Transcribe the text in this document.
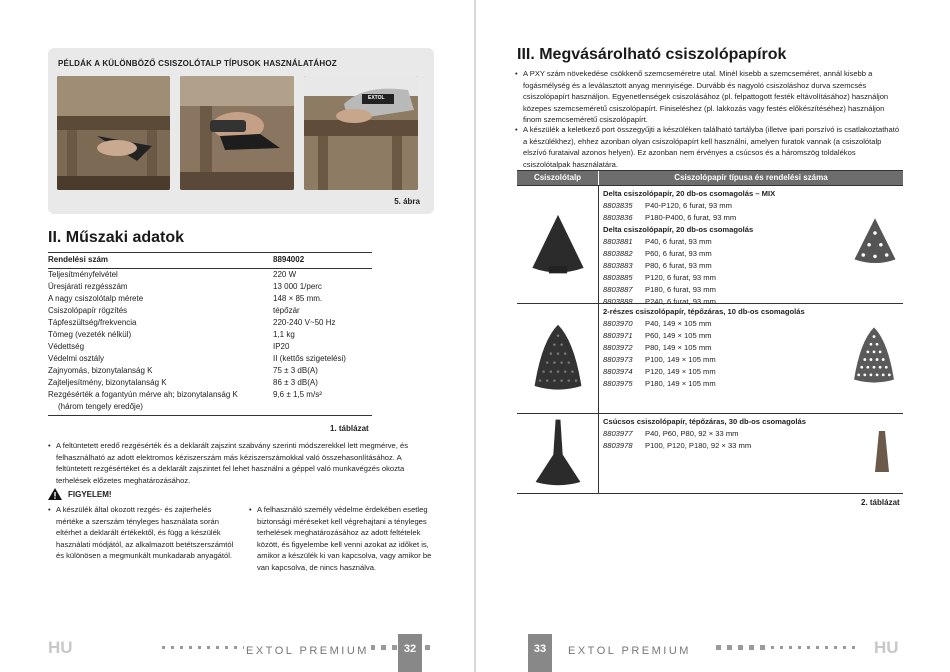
PÉLDÁK A KÜLÖNBÖZŐ CSISZOLÓTALP TÍPUSOK HASZNÁLATÁHOZ
EXTOL
5. ábra
II. Műszaki adatok
Rendelési szám	8894002
Teljesítményfelvétel	220 W
Üresjárati rezgésszám	13 000 1/perc
A nagy csiszolótalp mérete	148 × 85 mm.
Csiszolópapír rögzítés	tépőzár
Tápfeszültség/frekvencia	220-240 V~50 Hz
Tömeg (vezeték nélkül)	1,1 kg
Védettség	IP20
Védelmi osztály	II (kettős szigetelési)
Zajnyomás, bizonytalanság K	75 ± 3 dB(A)
Zajteljesítmény, bizonytalanság K	86 ± 3 dB(A)
Rezgésérték a fogantyún mérve ah; bizonytalanság K	9,6 ± 1,5 m/s²
(három tengely eredője)
1. táblázat
• A feltüntetett eredő rezgésérték és a deklarált zajszint szabvány szerinti módszerekkel lett megmérve, és felhasználható az adott elektromos kéziszerszám más kéziszerszámokkal való összehasonlításához. A feltüntetett rezgésértéket és a deklarált zajszintet fel lehet használni a géppel való munkavégzés okozta terhelések előzetes meghatározásához.
FIGYELEM!
• A készülék által okozott rezgés- és zajterhelés mértéke a szerszám tényleges használata során eltérhet a deklarált értékektől, és függ a készülék használati módjától, az alkalmazott betétszerszámtól és különösen a megmunkált munkadarab anyagától.
• A felhasználó személy védelme érdekében esetleg biztonsági méréseket kell végrehajtani a tényleges terhelések meghatározásához az adott feltételek között, és figyelembe kell venni azokat az időket is, amikor a készülék ki van kapcsolva, vagy amikor be van kapcsolva, de nincs használva.
HU	EXTOL PREMIUM	32	33	EXTOL PREMIUM	HU
III. Megvásárolható csiszolópapírok
• A PXY szám növekedése csökkenő szemcseméretre utal. Minél kisebb a szemcseméret, annál kisebb a fogásmélység és a leválasztott anyag mennyisége. Durvább és nagyoló csiszoláshoz durva szemcsés csiszolópapírt használjon. Egyenetlenségek csiszolásához (pl. felpattogott festék eltávolításához) használjon közepes szemcseméretű csiszolópapírt. Finiseléshez (pl. lakkozás vagy festés előkészítéséhez) használjon finom szemcseméretű csiszolópapírt.
• A készülék a keletkező port összegyűjti a készüléken található tartályba (illetve ipari porszívó is csatlakoztatható a készülékhez), ehhez azonban olyan csiszolópapírt kell használni, amelyen furatok vannak (a csiszolótalp elszívó furataival azonos helyen). Ez azonban nem érvényes a csúcsos és a háromszög toldalékos csiszolótalpak használatára.
Csiszolótalp	Csiszolópapír típusa és rendelési száma
Delta csiszolópapír, 20 db-os csomagolás – MIX
8803835	P40-P120, 6 furat, 93 mm
8803836	P180-P400, 6 furat, 93 mm
Delta csiszolópapír, 20 db-os csomagolás
8803881	P40, 6 furat, 93 mm
8803882	P60, 6 furat, 93 mm
8803883	P80, 6 furat, 93 mm
8803885	P120, 6 furat, 93 mm
8803887	P180, 6 furat, 93 mm
8803888	P240, 6 furat, 93 mm
2-részes csiszolópapír, tépőzáras, 10 db-os csomagolás
8803970	P40, 149 × 105 mm
8803971	P60, 149 × 105 mm
8803972	P80, 149 × 105 mm
8803973	P100, 149 × 105 mm
8803974	P120, 149 × 105 mm
8803975	P180, 149 × 105 mm
Csúcsos csiszolópapír, tépőzáras, 30 db-os csomagolás
8803977	P40, P60, P80, 92 × 33 mm
8803978	P100, P120, P180, 92 × 33 mm
2. táblázat
